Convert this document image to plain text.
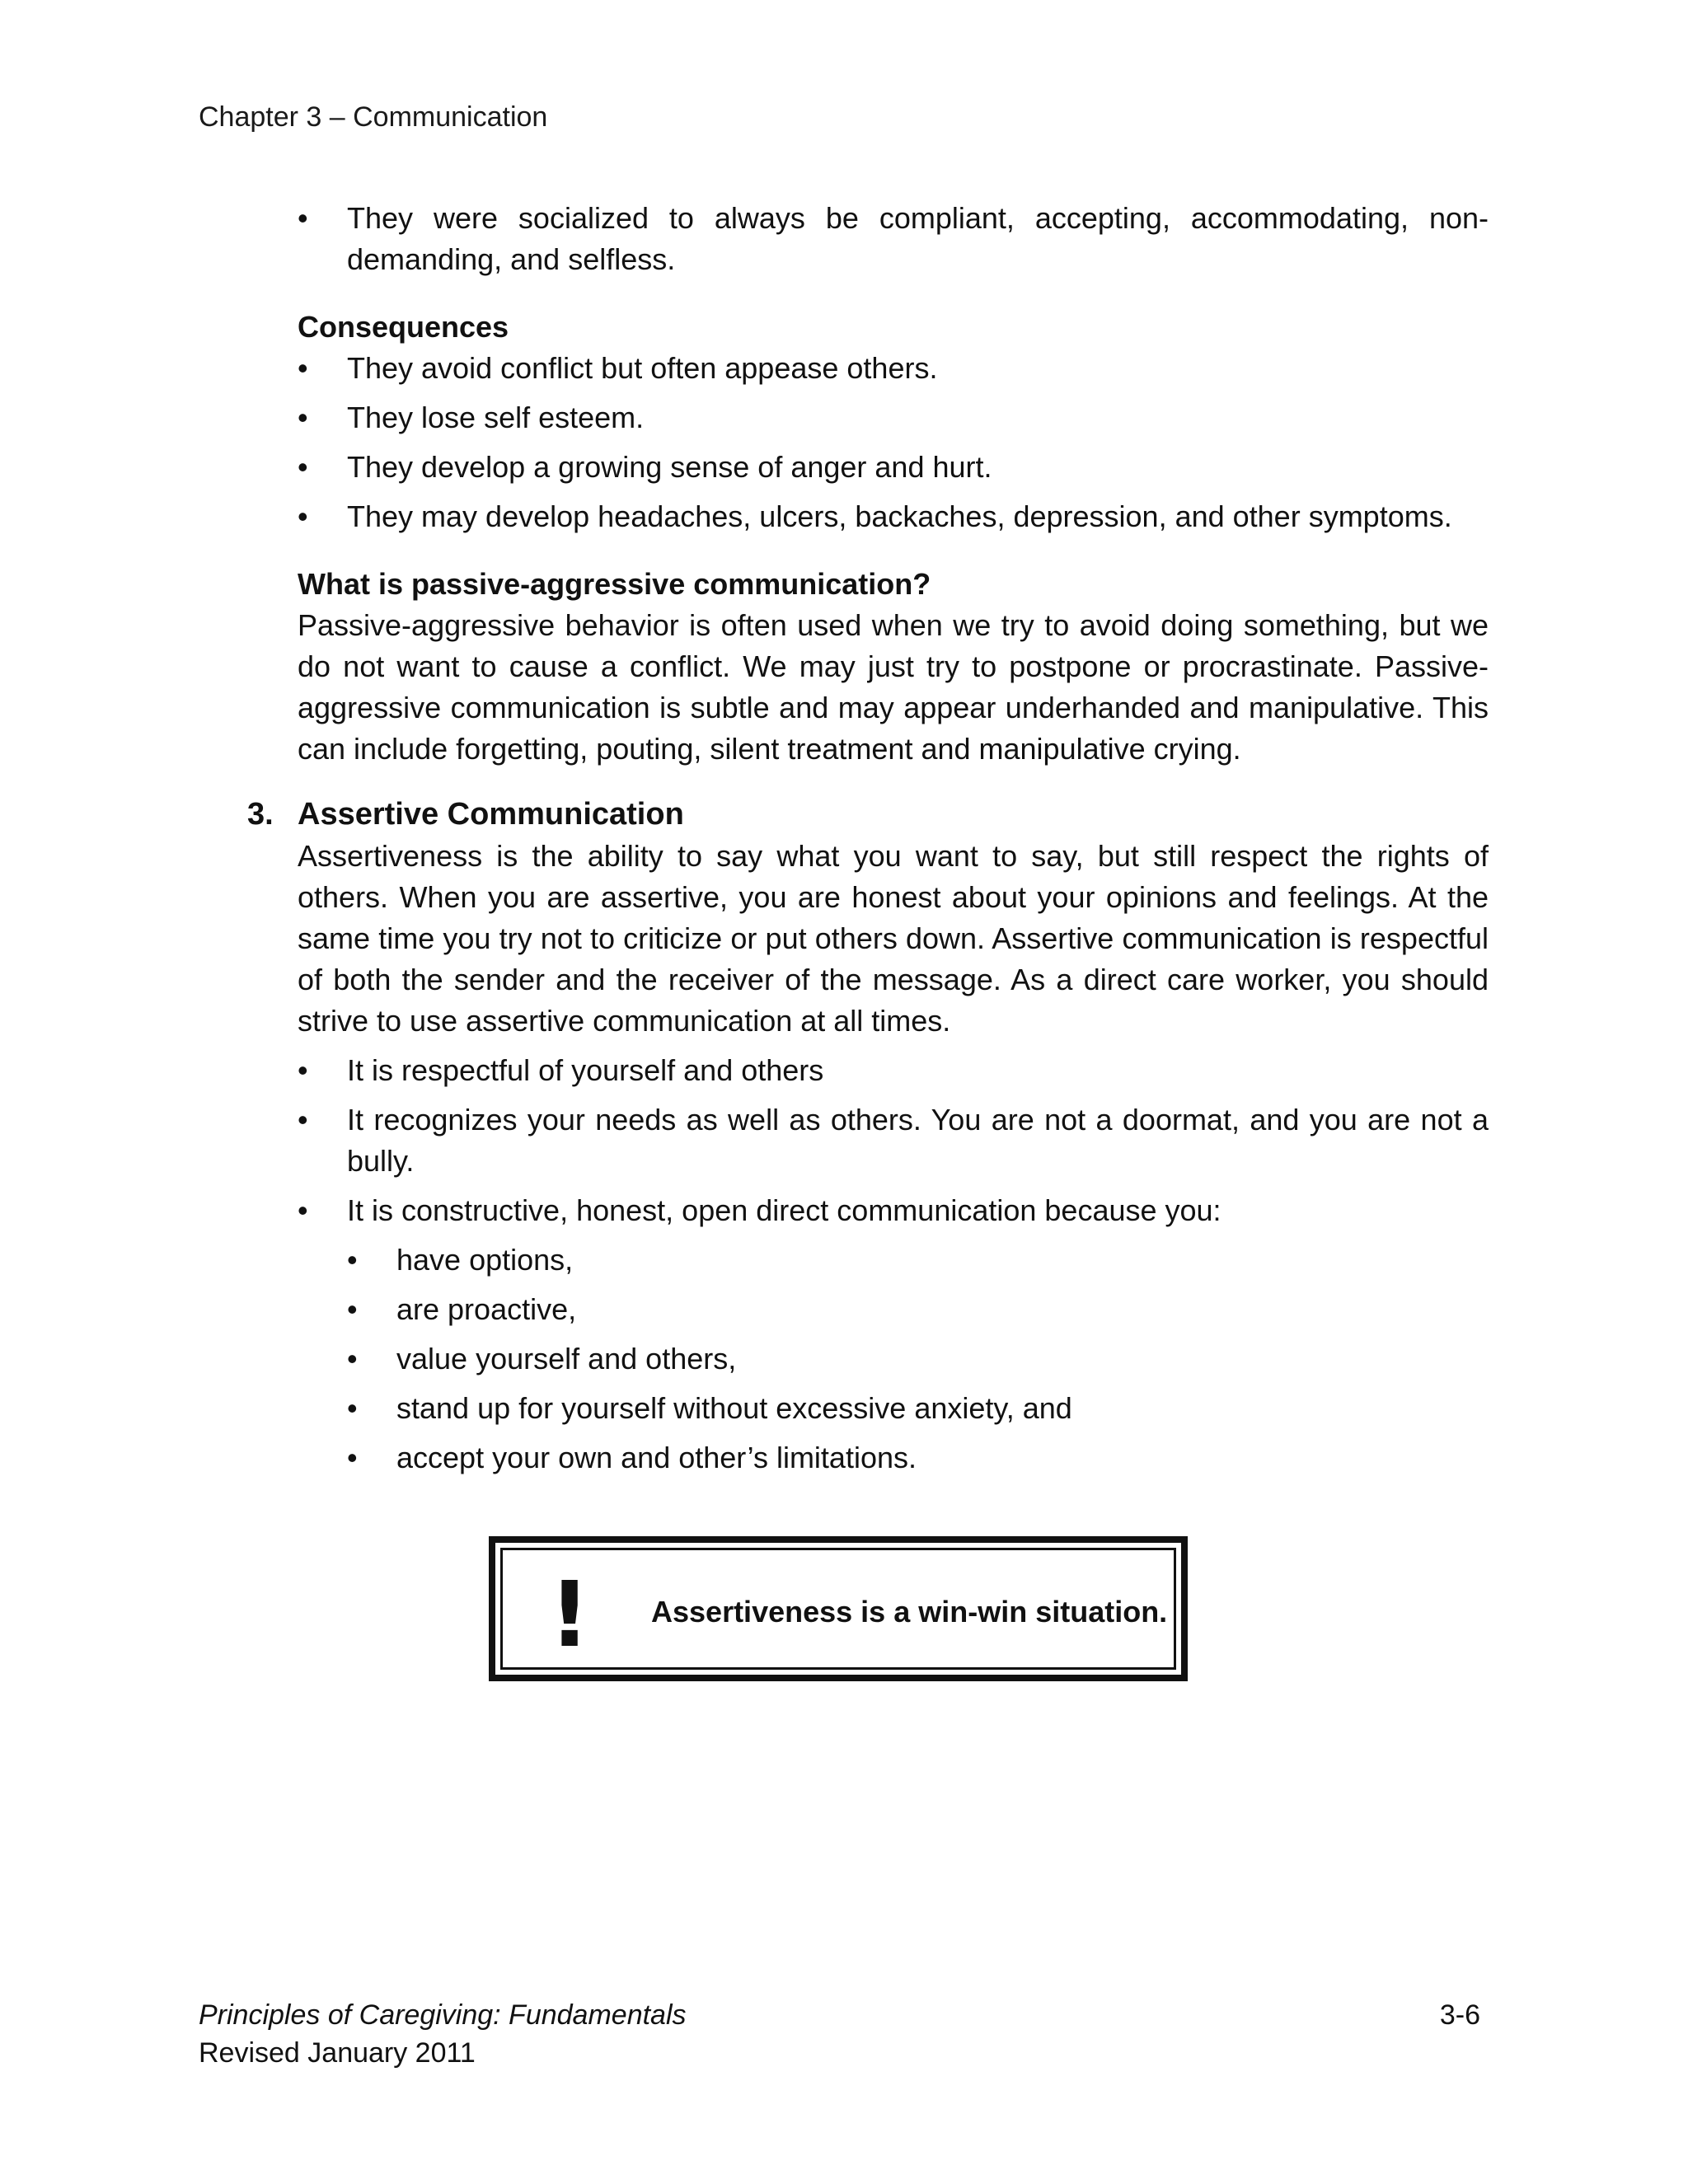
Chapter 3 – Communication
•	They were socialized to always be compliant, accepting, accommodating, non-demanding, and selfless.

Consequences

•	They avoid conflict but often appease others.
•	They lose self esteem.
•	They develop a growing sense of anger and hurt.
•	They may develop headaches, ulcers, backaches, depression, and other symptoms.

What is passive-aggressive communication?

Passive-aggressive behavior is often used when we try to avoid doing something, but we do not want to cause a conflict. We may just try to postpone or procrastinate. Passive-aggressive communication is subtle and may appear underhanded and manipulative. This can include forgetting, pouting, silent treatment and manipulative crying.

3. Assertive Communication

Assertiveness is the ability to say what you want to say, but still respect the rights of others. When you are assertive, you are honest about your opinions and feelings. At the same time you try not to criticize or put others down. Assertive communication is respectful of both the sender and the receiver of the message. As a direct care worker, you should strive to use assertive communication at all times.

•	It is respectful of yourself and others
•	It recognizes your needs as well as others. You are not a doormat, and you are not a bully.
•	It is constructive, honest, open direct communication because you:
•	have options,
•	are proactive,
•	value yourself and others,
•	stand up for yourself without excessive anxiety, and
•	accept your own and other’s limitations.
! Assertiveness is a win-win situation.
Principles of Caregiving: Fundamentals
Revised January 2011
3-6
